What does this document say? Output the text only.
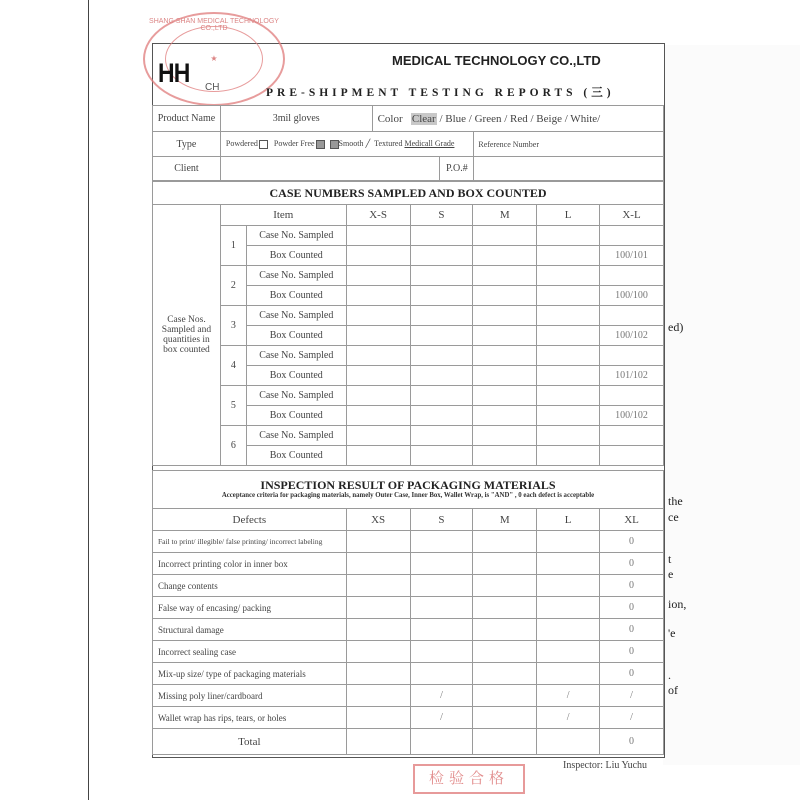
ed)
the
ce
t
e
ion,
'e
.
of
SHANG SHAN MEDICAL TECHNOLOGY CO.,LTD
★
HH CH
MEDICAL TECHNOLOGY CO.,LTD
PRE-SHIPMENT TESTING REPORTS (三)
Product Name	3mil gloves	Color Clear / Blue / Green / Red / Beige / White/		
Type	Powdered Powder Free Smooth ╱  Textured Medicall Grade			Reference Number
Client			P.O.#	
CASE NUMBERS SAMPLED AND BOX COUNTED							
Case Nos. Sampled and quantities in box counted	Item		X-S	S	M	L	X-L
	1	Case No. Sampled					
		Box Counted					100/101
	2	Case No. Sampled					
		Box Counted					100/100
	3	Case No. Sampled					
		Box Counted					100/102
	4	Case No. Sampled					
		Box Counted					101/102
	5	Case No. Sampled					
		Box Counted					100/102
	6	Case No. Sampled					
		Box Counted					
INSPECTION RESULT OF PACKAGING MATERIALS
Acceptance criteria for packaging materials, namely Outer Case, Inner Box, Wallet Wrap, is "AND" , 0 each defect is acceptable					

Defects	XS	S	M	L	XL
Fail to print/ illegible/ false printing/ incorrect labeling					0
Incorrect printing color in inner box					0
Change contents					0
False way of encasing/ packing					0
Structural damage					0
Incorrect sealing case					0
Mix-up size/ type of packaging materials					0
Missing poly liner/cardboard		/		/	/
Wallet wrap has rips, tears, or holes		/		/	/
Total					0
检验合格
Inspector: Liu Yuchu
